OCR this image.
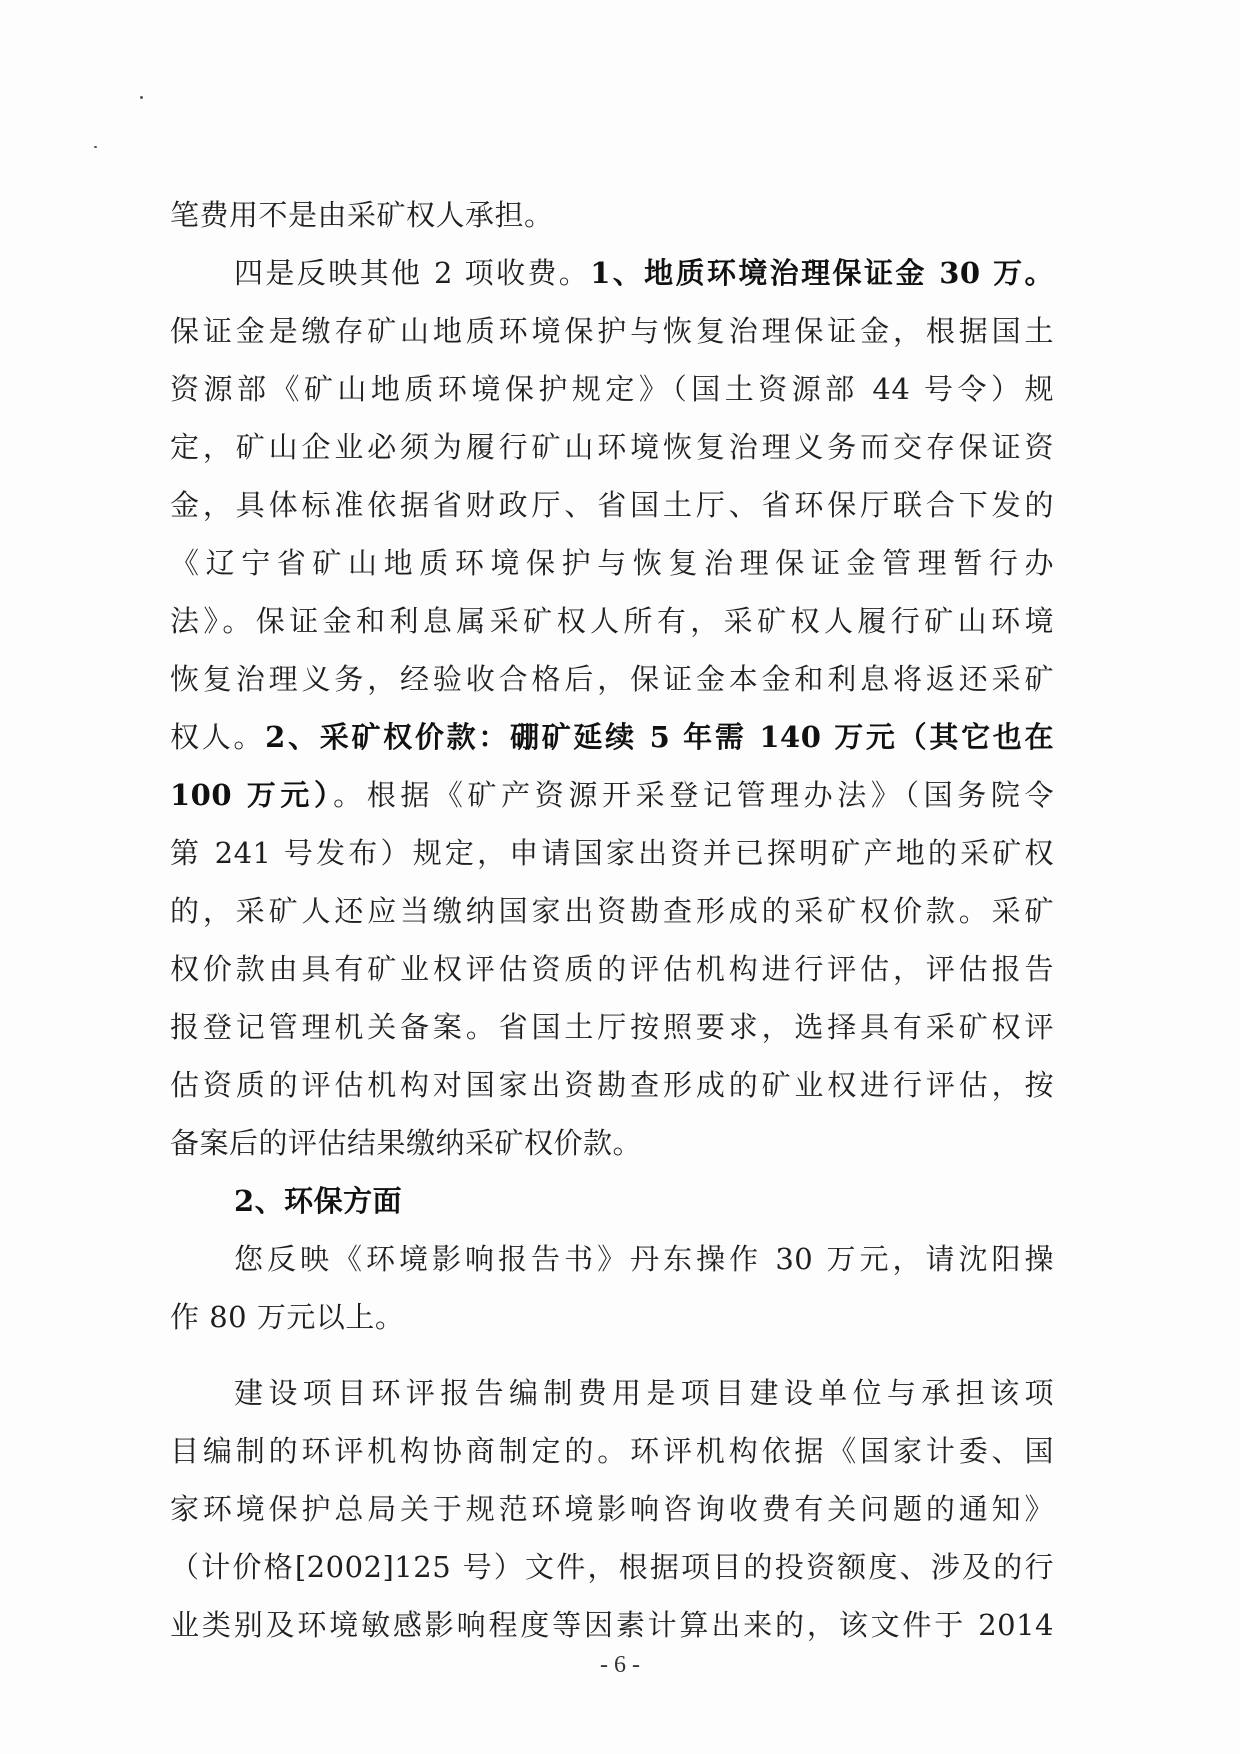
笔费用不是由采矿权人承担。
四是反映其他 2 项收费。1、地质环境治理保证金 30 万。
保证金是缴存矿山地质环境保护与恢复治理保证金，根据国土
资源部《矿山地质环境保护规定》（国土资源部 44 号令）规
定，矿山企业必须为履行矿山环境恢复治理义务而交存保证资
金，具体标准依据省财政厅、省国土厅、省环保厅联合下发的
《辽宁省矿山地质环境保护与恢复治理保证金管理暂行办
法》。保证金和利息属采矿权人所有，采矿权人履行矿山环境
恢复治理义务，经验收合格后，保证金本金和利息将返还采矿
权人。2、采矿权价款：硼矿延续 5 年需 140 万元（其它也在
100 万元）。根据《矿产资源开采登记管理办法》（国务院令
第 241 号发布）规定，申请国家出资并已探明矿产地的采矿权
的，采矿人还应当缴纳国家出资勘查形成的采矿权价款。采矿
权价款由具有矿业权评估资质的评估机构进行评估，评估报告
报登记管理机关备案。省国土厅按照要求，选择具有采矿权评
估资质的评估机构对国家出资勘查形成的矿业权进行评估，按
备案后的评估结果缴纳采矿权价款。
2、环保方面
您反映《环境影响报告书》丹东操作 30 万元，请沈阳操
作 80 万元以上。
建设项目环评报告编制费用是项目建设单位与承担该项
目编制的环评机构协商制定的。环评机构依据《国家计委、国
家环境保护总局关于规范环境影响咨询收费有关问题的通知》
（计价格[2002]125 号）文件，根据项目的投资额度、涉及的行
业类别及环境敏感影响程度等因素计算出来的，该文件于 2014
- 6 -
